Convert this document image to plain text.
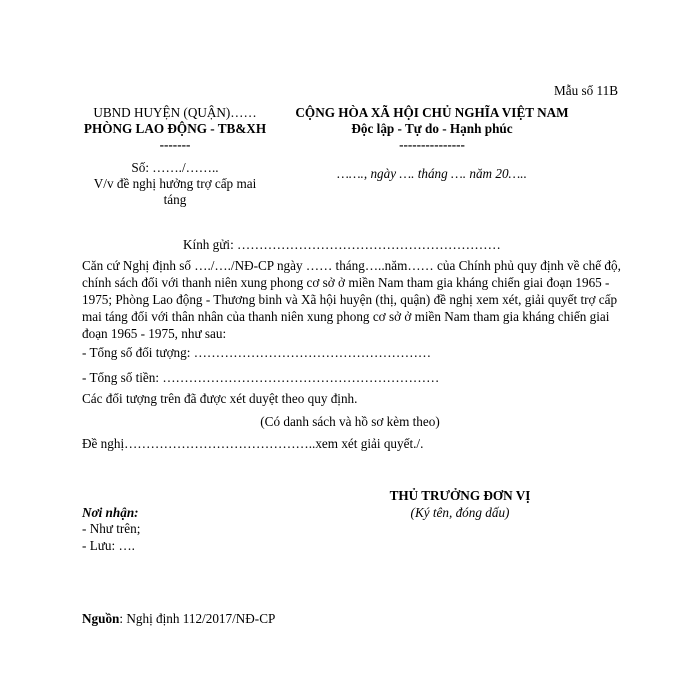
Mẫu số 11B
UBND HUYỆN (QUẬN)……
PHÒNG LAO ĐỘNG - TB&XH
-------
Số: ……./……..
V/v đề nghị hưởng trợ cấp mai
táng
CỘNG HÒA XÃ HỘI CHỦ NGHĨA VIỆT NAM
Độc lập - Tự do - Hạnh phúc
---------------
……., ngày …. tháng …. năm 20…..
Kính gửi: ……………………………………………………
Căn cứ Nghị định số …./…./NĐ-CP ngày …… tháng…..năm…… của Chính phủ quy định về chế độ, chính sách đối với thanh niên xung phong cơ sở ở miền Nam tham gia kháng chiến giai đoạn 1965 - 1975; Phòng Lao động - Thương binh và Xã hội huyện (thị, quận) đề nghị xem xét, giải quyết trợ cấp mai táng đối với thân nhân của thanh niên xung phong cơ sở ở miền Nam tham gia kháng chiến giai đoạn 1965 - 1975, như sau:
- Tổng số đối tượng: ………………………………………………
- Tổng số tiền: ………………………………………………………
Các đối tượng trên đã được xét duyệt theo quy định.
(Có danh sách và hồ sơ kèm theo)
Đề nghị……………………………………..xem xét giải quyết./.
THỦ TRƯỞNG ĐƠN VỊ
(Ký tên, đóng dấu)
Nơi nhận:
- Như trên;
- Lưu: ….
Nguồn: Nghị định 112/2017/NĐ-CP
